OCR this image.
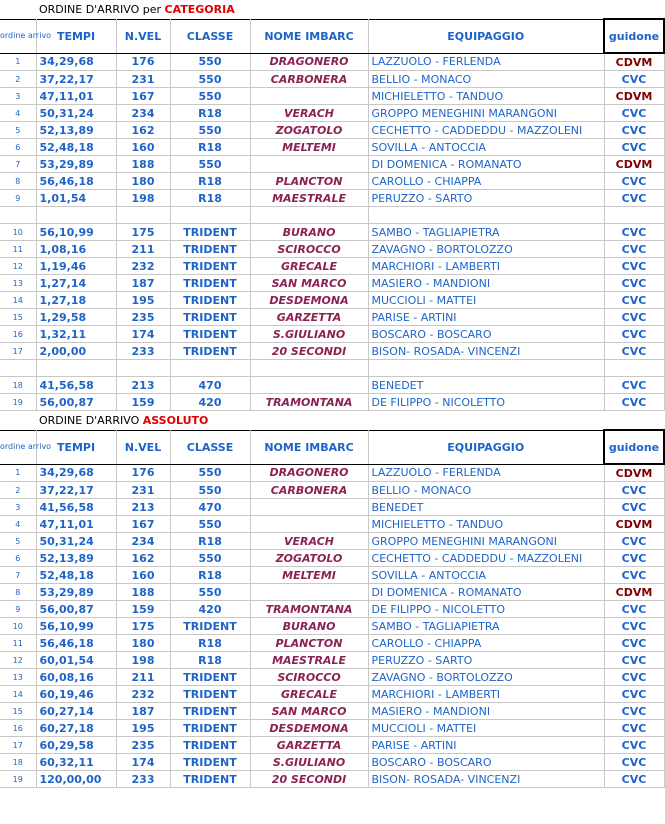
	ORDINE D'ARRIVO per CATEGORIA					
ordine arrivo	TEMPI	N.VEL	CLASSE	NOME IMBARC	EQUIPAGGIO	guidone
1	34,29,68	176	550	DRAGONERO	LAZZUOLO - FERLENDA	CDVM
2	37,22,17	231	550	CARBONERA	BELLIO - MONACO	CVC
3	47,11,01	167	550		MICHIELETTO - TANDUO	CDVM
4	50,31,24	234	R18	VERACH	GROPPO MENEGHINI MARANGONI	CVC
5	52,13,89	162	550	ZOGATOLO	CECHETTO - CADDEDDU - MAZZOLENI	CVC
6	52,48,18	160	R18	MELTEMI	SOVILLA - ANTOCCIA	CVC
7	53,29,89	188	550		DI DOMENICA - ROMANATO	CDVM
8	56,46,18	180	R18	PLANCTON	CAROLLO - CHIAPPA	CVC
9	1,01,54	198	R18	MAESTRALE	PERUZZO - SARTO	CVC

10	56,10,99	175	TRIDENT	BURANO	SAMBO - TAGLIAPIETRA	CVC
11	1,08,16	211	TRIDENT	SCIROCCO	ZAVAGNO - BORTOLOZZO	CVC
12	1,19,46	232	TRIDENT	GRECALE	MARCHIORI - LAMBERTI	CVC
13	1,27,14	187	TRIDENT	SAN MARCO	MASIERO - MANDIONI	CVC
14	1,27,18	195	TRIDENT	DESDEMONA	MUCCIOLI - MATTEI	CVC
15	1,29,58	235	TRIDENT	GARZETTA	PARISE - ARTINI	CVC
16	1,32,11	174	TRIDENT	S.GIULIANO	BOSCARO - BOSCARO	CVC
17	2,00,00	233	TRIDENT	20 SECONDI	BISON- ROSADA- VINCENZI	CVC

18	41,56,58	213	470		BENEDET	CVC
19	56,00,87	159	420	TRAMONTANA	DE FILIPPO - NICOLETTO	CVC
	ORDINE D'ARRIVO ASSOLUTO					
ordine arrivo	TEMPI	N.VEL	CLASSE	NOME IMBARC	EQUIPAGGIO	guidone
1	34,29,68	176	550	DRAGONERO	LAZZUOLO - FERLENDA	CDVM
2	37,22,17	231	550	CARBONERA	BELLIO - MONACO	CVC
3	41,56,58	213	470		BENEDET	CVC
4	47,11,01	167	550		MICHIELETTO - TANDUO	CDVM
5	50,31,24	234	R18	VERACH	GROPPO MENEGHINI MARANGONI	CVC
6	52,13,89	162	550	ZOGATOLO	CECHETTO - CADDEDDU - MAZZOLENI	CVC
7	52,48,18	160	R18	MELTEMI	SOVILLA - ANTOCCIA	CVC
8	53,29,89	188	550		DI DOMENICA - ROMANATO	CDVM
9	56,00,87	159	420	TRAMONTANA	DE FILIPPO - NICOLETTO	CVC
10	56,10,99	175	TRIDENT	BURANO	SAMBO - TAGLIAPIETRA	CVC
11	56,46,18	180	R18	PLANCTON	CAROLLO - CHIAPPA	CVC
12	60,01,54	198	R18	MAESTRALE	PERUZZO - SARTO	CVC
13	60,08,16	211	TRIDENT	SCIROCCO	ZAVAGNO - BORTOLOZZO	CVC
14	60,19,46	232	TRIDENT	GRECALE	MARCHIORI - LAMBERTI	CVC
15	60,27,14	187	TRIDENT	SAN MARCO	MASIERO - MANDIONI	CVC
16	60,27,18	195	TRIDENT	DESDEMONA	MUCCIOLI - MATTEI	CVC
17	60,29,58	235	TRIDENT	GARZETTA	PARISE - ARTINI	CVC
18	60,32,11	174	TRIDENT	S.GIULIANO	BOSCARO - BOSCARO	CVC
19	120,00,00	233	TRIDENT	20 SECONDI	BISON- ROSADA- VINCENZI	CVC
